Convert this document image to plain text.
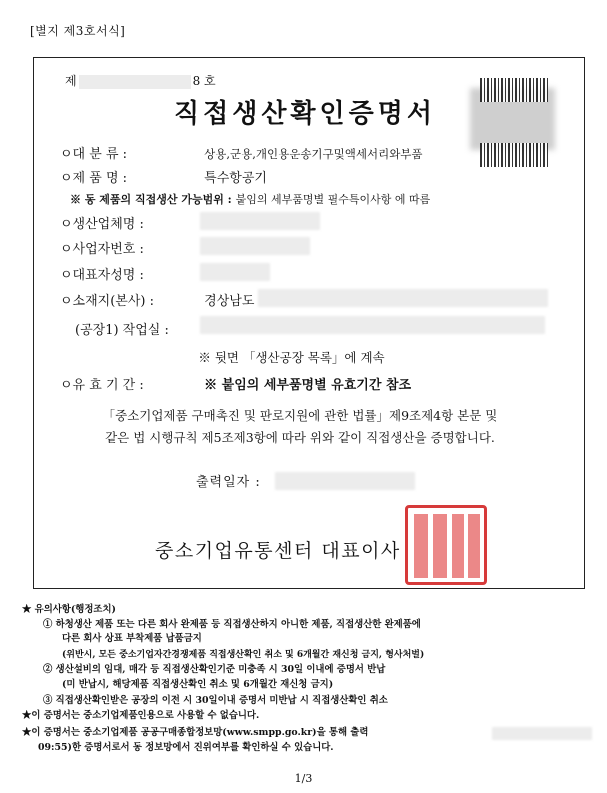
[별지 제3호서식]
제	8 호
직접생산확인증명서
ㅇ대 분 류 :	상용,군용,개인용운송기구및액세서리와부품
ㅇ제 품 명 :	특수항공기
※ 동 제품의 직접생산 가능범위 : 붙임의 세부품명별 필수특이사항 에 따름
ㅇ생산업체명 :
ㅇ사업자번호 :
ㅇ대표자성명 :
ㅇ소재지(본사) :	경상남도
(공장1) 작업실 :
※ 뒷면 「생산공장 목록」에 계속
ㅇ유 효 기 간 :	※ 붙임의 세부품명별 유효기간 참조
「중소기업제품 구매촉진 및 판로지원에 관한 법률」제9조제4항 본문 및
같은 법 시행규칙 제5조제3항에 따라 위와 같이 직접생산을 증명합니다.
출력일자 :
중소기업유통센터 대표이사
★ 유의사항(행정조치)
① 하청생산 제품 또는 다른 회사 완제품 등 직접생산하지 아니한 제품, 직접생산한 완제품에
다른 회사 상표 부착제품 납품금지
(위반시, 모든 중소기업자간경쟁제품 직접생산확인 취소 및 6개월간 재신청 금지, 형사처벌)
② 생산설비의 임대, 매각 등 직접생산확인기준 미충족 시 30일 이내에 증명서 반납
(미 반납시, 해당제품 직접생산확인 취소 및 6개월간 재신청 금지)
③ 직접생산확인받은 공장의 이전 시 30일이내 증명서 미반납 시 직접생산확인 취소
★이 증명서는 중소기업제품인용으로 사용할 수 없습니다.
★이 증명서는 중소기업제품 공공구매종합정보망(www.smpp.go.kr)을 통해 출력
09:55)한 증명서로서 동 정보망에서 진위여부를 확인하실 수 있습니다.
1/3
